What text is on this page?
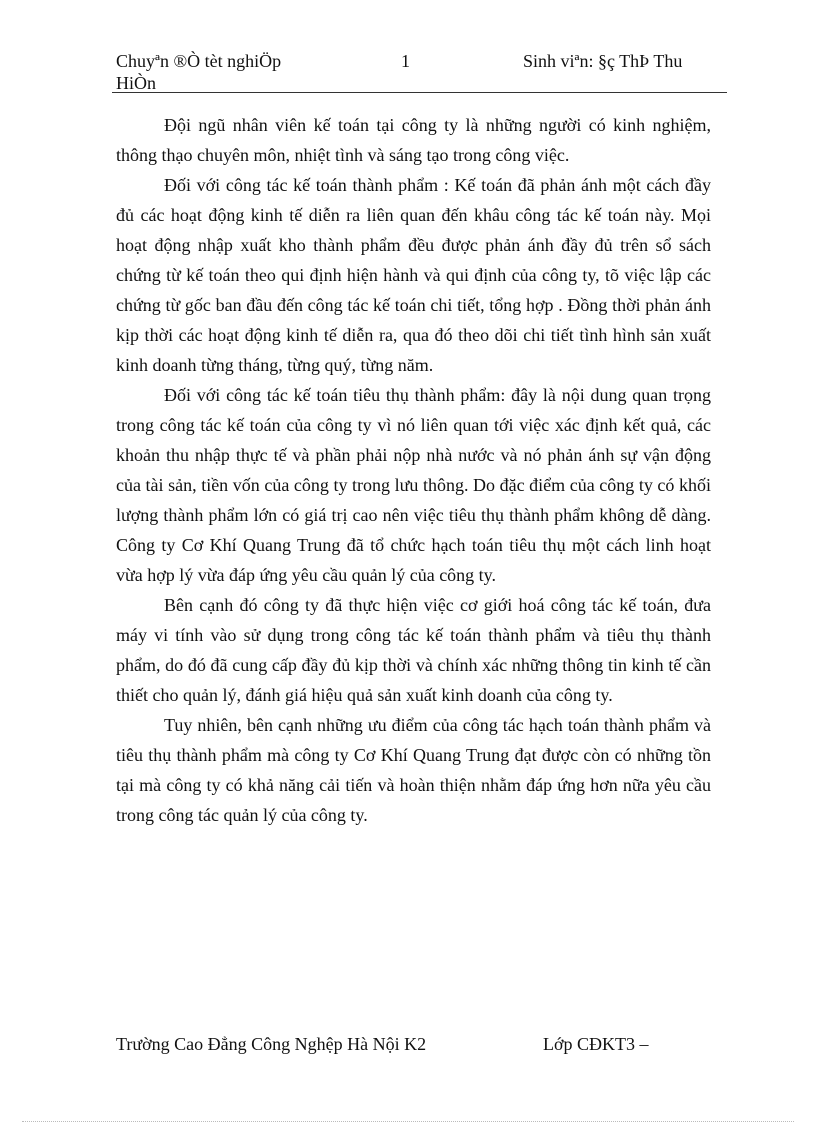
Chuyªn ®Ò tèt nghiÖp HiÒn
1	Sinh viªn: §ç ThÞ Thu

Đội ngũ nhân viên kế toán tại công ty là những người có kinh nghiệm, thông thạo chuyên môn, nhiệt tình và sáng tạo trong công việc.

Đối với công tác kế toán thành phẩm : Kế toán đã phản ánh một cách đầy đủ các hoạt động kinh tế diễn ra liên quan đến khâu công tác kế toán này. Mọi hoạt động nhập xuất kho thành phẩm đều được phản ánh đầy đủ trên sổ sách chứng từ kế toán theo qui định hiện hành và qui định của công ty, tõ việc lập các chứng từ gốc ban đầu đến công tác kế toán chi tiết, tổng hợp . Đồng thời phản ánh kịp thời các hoạt động kinh tế diễn ra, qua đó theo dõi chi tiết tình hình sản xuất kinh doanh từng tháng, từng quý, từng năm.

Đối với công tác kế toán tiêu thụ thành phẩm: đây là nội dung quan trọng trong công tác kế toán của công ty vì nó liên quan tới việc xác định kết quả, các khoản thu nhập thực tế và phần phải nộp nhà nước và nó phản ánh sự vận động của tài sản, tiền vốn của công ty trong lưu thông. Do đặc điểm của công ty có khối lượng thành phẩm lớn có giá trị cao nên việc tiêu thụ thành phẩm không dễ dàng. Công ty Cơ Khí Quang Trung đã tổ chức hạch toán tiêu thụ một cách linh hoạt vừa hợp lý vừa đáp ứng yêu cầu quản lý của công ty.

Bên cạnh đó công ty đã thực hiện việc cơ giới hoá công tác kế toán, đưa máy vi tính vào sử dụng trong công tác kế toán thành phẩm và tiêu thụ thành phẩm, do đó đã cung cấp đầy đủ kịp thời và chính xác những thông tin kinh tế cần thiết cho quản lý, đánh giá hiệu quả sản xuất kinh doanh của công ty.

Tuy nhiên, bên cạnh những ưu điểm của công tác hạch toán thành phẩm và tiêu thụ thành phẩm mà công ty Cơ Khí Quang Trung đạt được còn có những tồn tại mà công ty có khả năng cải tiến và hoàn thiện nhằm đáp ứng hơn nữa yêu cầu trong công tác quản lý của công ty.

Trường Cao Đẳng Công Nghệp Hà Nội K2	Lớp CĐKT3 –
